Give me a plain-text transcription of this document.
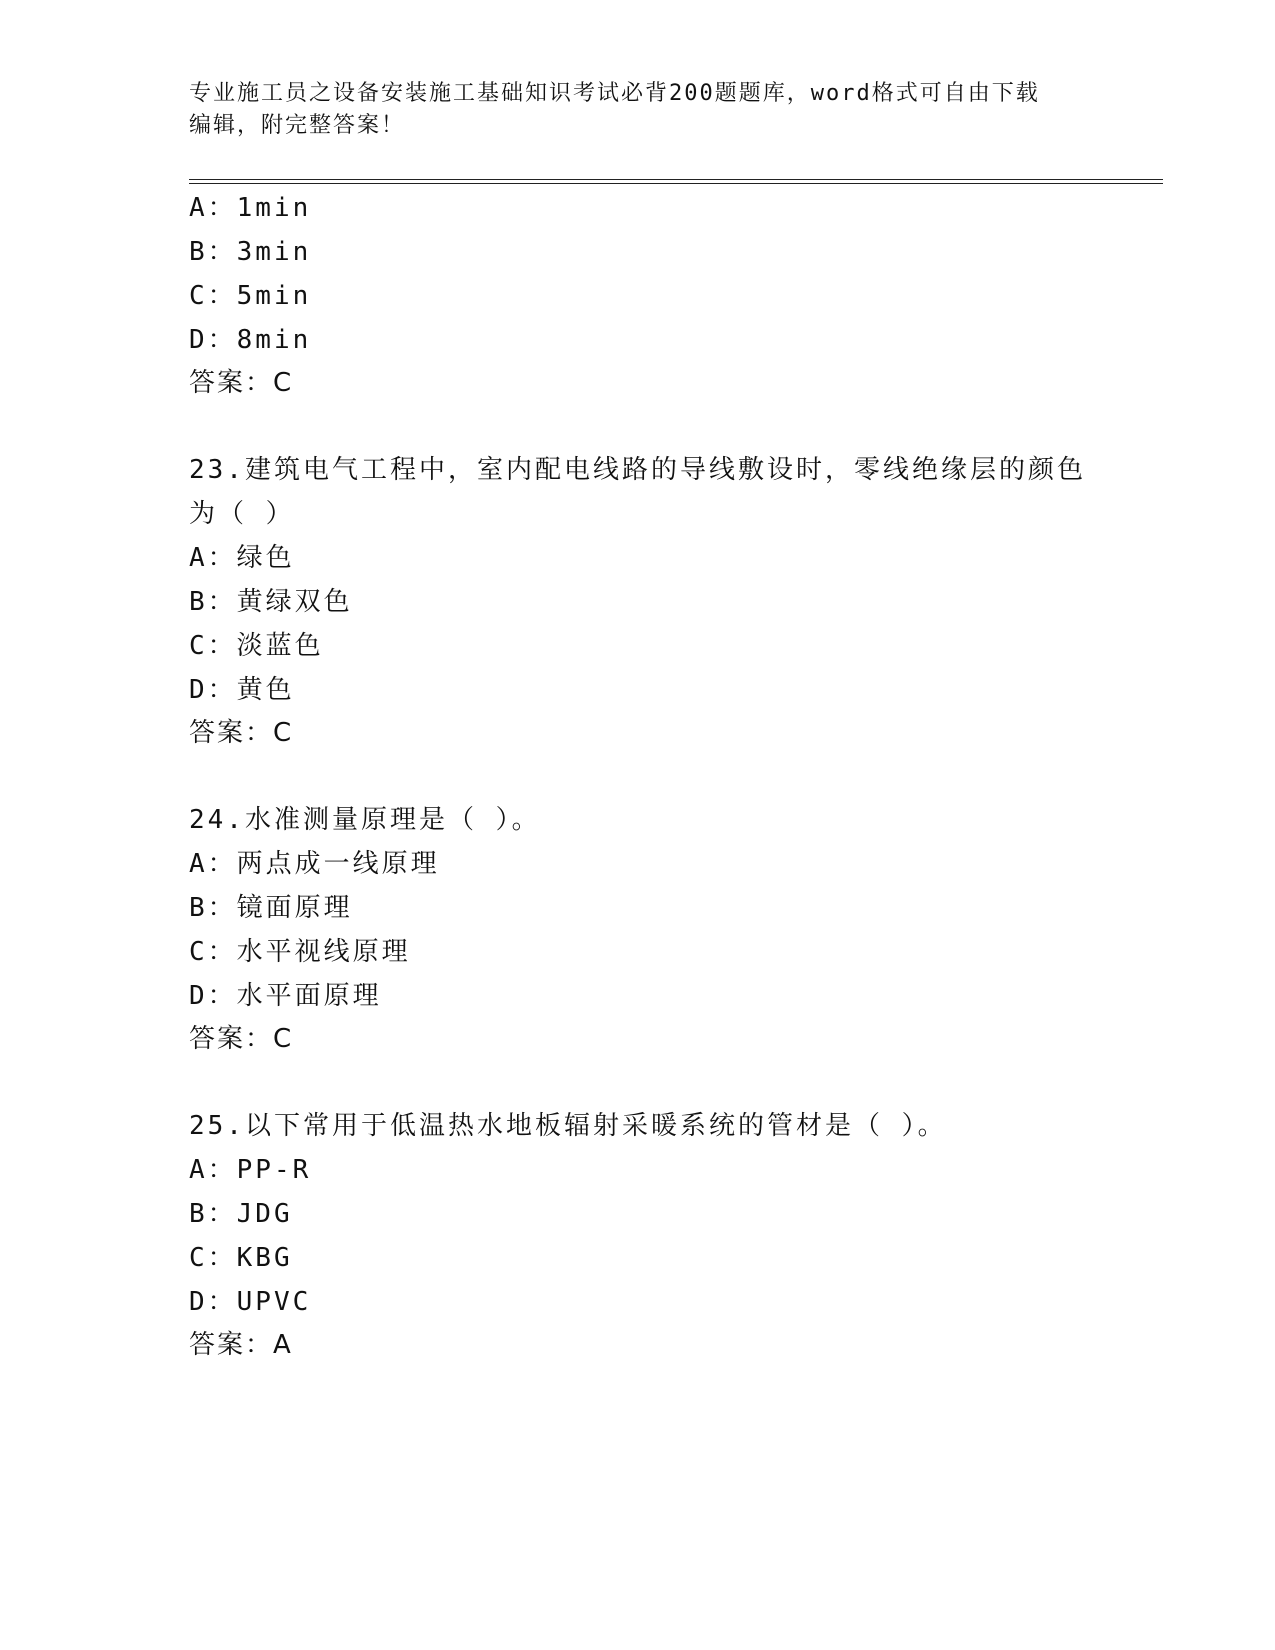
专业施工员之设备安装施工基础知识考试必背200题题库，word格式可自由下载
编辑，附完整答案！
A：1min
B：3min
C：5min
D：8min
答案：C
23.建筑电气工程中，室内配电线路的导线敷设时，零线绝缘层的颜色
为（ ）
A：绿色
B：黄绿双色
C：淡蓝色
D：黄色
答案：C
24.水准测量原理是（ ）。
A：两点成一线原理
B：镜面原理
C：水平视线原理
D：水平面原理
答案：C
25.以下常用于低温热水地板辐射采暖系统的管材是（ ）。
A：PP-R
B：JDG
C：KBG
D：UPVC
答案：A
